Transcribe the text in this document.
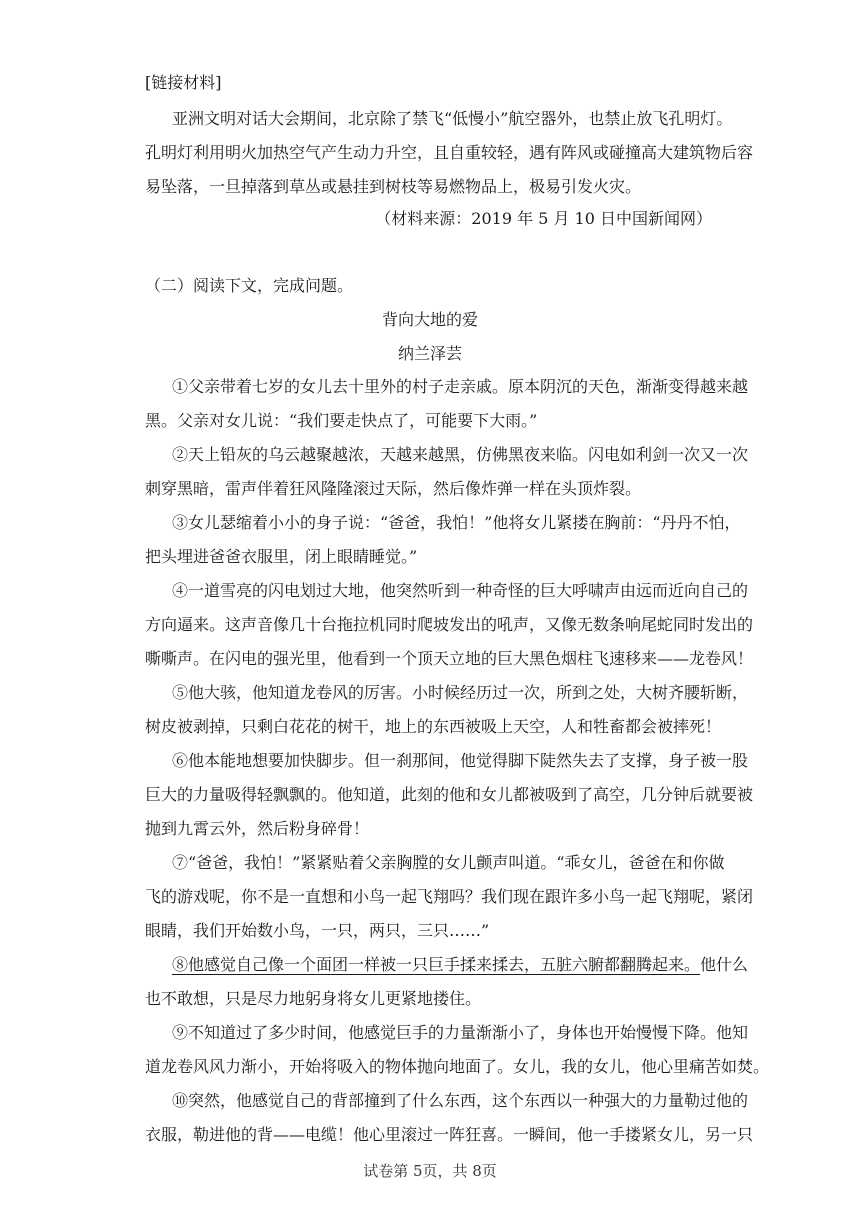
[链接材料]
亚洲文明对话大会期间，北京除了禁飞“低慢小”航空器外，也禁止放飞孔明灯。
孔明灯利用明火加热空气产生动力升空，且自重较轻，遇有阵风或碰撞高大建筑物后容
易坠落，一旦掉落到草丛或悬挂到树枝等易燃物品上，极易引发火灾。
（材料来源：2019 年 5 月 10 日中国新闻网）
（二）阅读下文，完成问题。
背向大地的爱
纳兰泽芸
①父亲带着七岁的女儿去十里外的村子走亲戚。原本阴沉的天色，渐渐变得越来越
黑。父亲对女儿说：“我们要走快点了，可能要下大雨。”
②天上铅灰的乌云越聚越浓，天越来越黑，仿佛黑夜来临。闪电如利剑一次又一次
刺穿黑暗，雷声伴着狂风隆隆滚过天际，然后像炸弹一样在头顶炸裂。
③女儿瑟缩着小小的身子说：“爸爸，我怕！”他将女儿紧搂在胸前：“丹丹不怕，
把头埋进爸爸衣服里，闭上眼睛睡觉。”
④一道雪亮的闪电划过大地，他突然听到一种奇怪的巨大呼啸声由远而近向自己的
方向逼来。这声音像几十台拖拉机同时爬坡发出的吼声，又像无数条响尾蛇同时发出的
嘶嘶声。在闪电的强光里，他看到一个顶天立地的巨大黑色烟柱飞速移来——龙卷风！
⑤他大骇，他知道龙卷风的厉害。小时候经历过一次，所到之处，大树齐腰斩断，
树皮被剥掉，只剩白花花的树干，地上的东西被吸上天空，人和牲畜都会被摔死！
⑥他本能地想要加快脚步。但一刹那间，他觉得脚下陡然失去了支撑，身子被一股
巨大的力量吸得轻飘飘的。他知道，此刻的他和女儿都被吸到了高空，几分钟后就要被
抛到九霄云外，然后粉身碎骨！
⑦“爸爸，我怕！”紧紧贴着父亲胸膛的女儿颤声叫道。“乖女儿，爸爸在和你做
飞的游戏呢，你不是一直想和小鸟一起飞翔吗？我们现在跟许多小鸟一起飞翔呢，紧闭
眼睛，我们开始数小鸟，一只，两只，三只……”
⑧他感觉自己像一个面团一样被一只巨手揉来揉去，五脏六腑都翻腾起来。他什么
也不敢想，只是尽力地躬身将女儿更紧地搂住。
⑨不知道过了多少时间，他感觉巨手的力量渐渐小了，身体也开始慢慢下降。他知
道龙卷风风力渐小，开始将吸入的物体抛向地面了。女儿，我的女儿，他心里痛苦如焚。
⑩突然，他感觉自己的背部撞到了什么东西，这个东西以一种强大的力量勒过他的
衣服，勒进他的背——电缆！他心里滚过一阵狂喜。一瞬间，他一手搂紧女儿，另一只
试卷第 5页，共 8页
